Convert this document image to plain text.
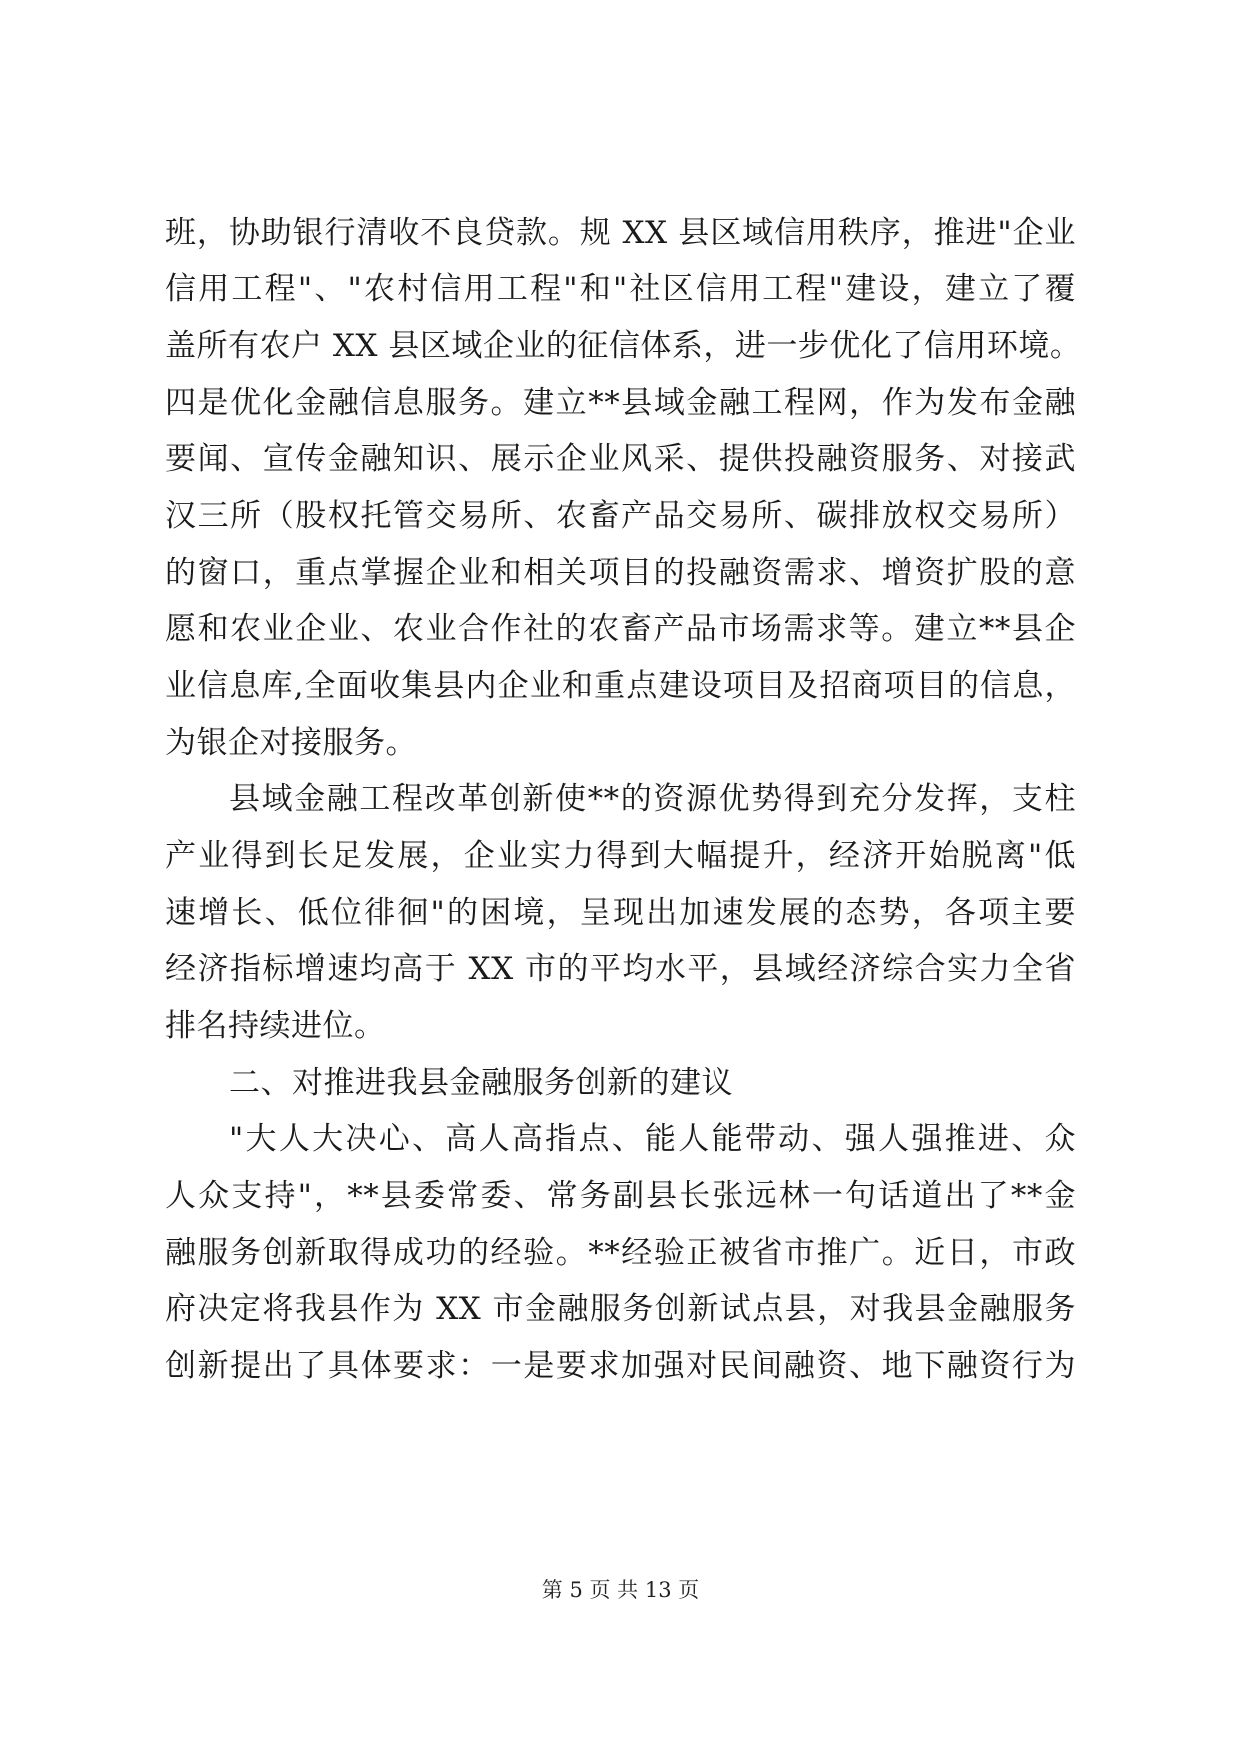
班，协助银行清收不良贷款。规 XX 县区域信用秩序，推进"企业
信用工程"、"农村信用工程"和"社区信用工程"建设，建立了覆
盖所有农户 XX 县区域企业的征信体系，进一步优化了信用环境。
四是优化金融信息服务。建立**县域金融工程网，作为发布金融
要闻、宣传金融知识、展示企业风采、提供投融资服务、对接武
汉三所（股权托管交易所、农畜产品交易所、碳排放权交易所）
的窗口，重点掌握企业和相关项目的投融资需求、增资扩股的意
愿和农业企业、农业合作社的农畜产品市场需求等。建立**县企
业信息库,全面收集县内企业和重点建设项目及招商项目的信息，
为银企对接服务。
县域金融工程改革创新使**的资源优势得到充分发挥，支柱
产业得到长足发展，企业实力得到大幅提升，经济开始脱离"低
速增长、低位徘徊"的困境，呈现出加速发展的态势，各项主要
经济指标增速均高于 XX 市的平均水平，县域经济综合实力全省
排名持续进位。
二、对推进我县金融服务创新的建议
"大人大决心、高人高指点、能人能带动、强人强推进、众
人众支持"，**县委常委、常务副县长张远林一句话道出了**金
融服务创新取得成功的经验。**经验正被省市推广。近日，市政
府决定将我县作为 XX 市金融服务创新试点县，对我县金融服务
创新提出了具体要求：一是要求加强对民间融资、地下融资行为
第 5 页 共 13 页
